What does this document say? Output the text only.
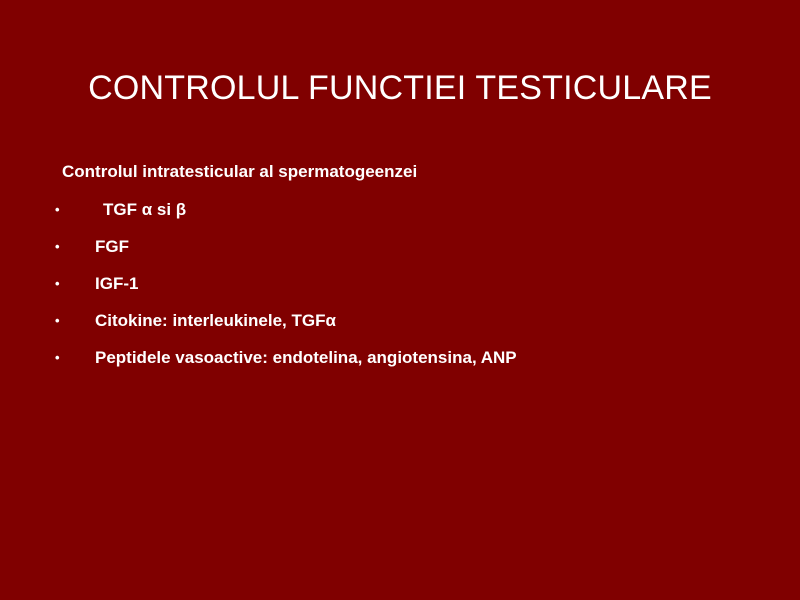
CONTROLUL FUNCTIEI TESTICULARE

Controlul intratesticular al spermatogeenzei

•	TGF α si β
• FGF
• IGF-1
• Citokine: interleukinele, TGFα
• Peptidele vasoactive: endotelina, angiotensina, ANP
